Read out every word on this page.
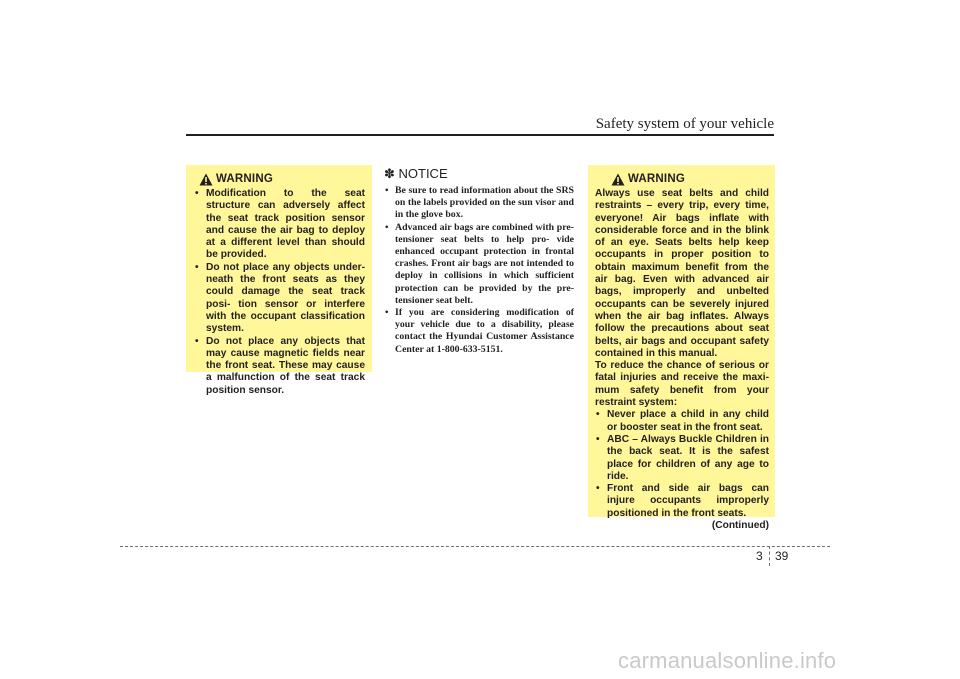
Safety system of your vehicle
WARNING
• Modification to the seat structure can adversely affect the seat track position sensor and cause the air bag to deploy at a different level than should be provided.
• Do not place any objects under- neath the front seats as they could damage the seat track posi- tion sensor or interfere with the occupant classification system.
• Do not place any objects that may cause magnetic fields near the front seat. These may cause a malfunction of the seat track position sensor.
✽ NOTICE
• Be sure to read information about the SRS on the labels provided on the sun visor and in the glove box.
• Advanced air bags are combined with pre-tensioner seat belts to help pro- vide enhanced occupant protection in frontal crashes. Front air bags are not intended to deploy in collisions in which sufficient protection can be provided by the pre-tensioner seat belt.
• If you are considering modification of your vehicle due to a disability, please contact the Hyundai Customer Assistance Center at 1-800-633-5151.
WARNING

Always use seat belts and child restraints – every trip, every time, everyone! Air bags inflate with considerable force and in the blink of an eye. Seats belts help keep occupants in proper position to obtain maximum benefit from the air bag. Even with advanced air bags, improperly and unbelted occupants can be severely injured when the air bag inflates. Always follow the precautions about seat belts, air bags and occupant safety contained in this manual.

To reduce the chance of serious or fatal injuries and receive the maxi- mum safety benefit from your restraint system:

• Never place a child in any child or booster seat in the front seat.
• ABC – Always Buckle Children in the back seat. It is the safest place for children of any age to ride.
• Front and side air bags can injure occupants improperly positioned in the front seats.

(Continued)

3 39
carmanualsonline.info
